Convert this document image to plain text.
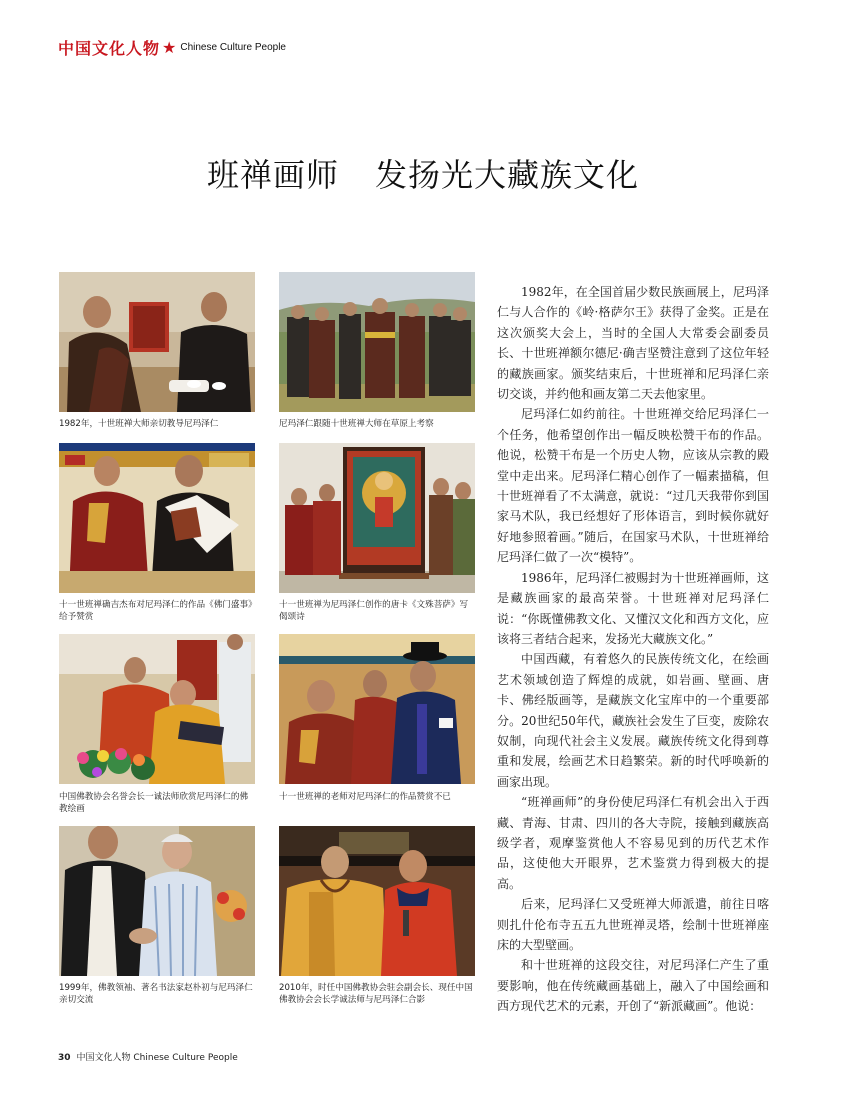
中国文化人物 ★ Chinese Culture People
班禅画师 发扬光大藏族文化
1982年，十世班禅大师亲切教导尼玛泽仁	尼玛泽仁跟随十世班禅大师在草原上考察
十一世班禅确吉杰布对尼玛泽仁的作品《佛门盛事》给予赞赏
十一世班禅为尼玛泽仁创作的唐卡《文殊菩萨》写偈颂诗
中国佛教协会名誉会长一诚法师欣赏尼玛泽仁的佛教绘画
十一世班禅的老师对尼玛泽仁的作品赞赏不已
1999年，佛教领袖、著名书法家赵朴初与尼玛泽仁亲切交流
2010年，时任中国佛教协会驻会副会长、现任中国佛教协会会长学诚法师与尼玛泽仁合影

1982年，在全国首届少数民族画展上，尼玛泽仁与人合作的《岭·格萨尔王》获得了金奖。正是在这次颁奖大会上，当时的全国人大常委会副委员长、十世班禅额尔德尼·确吉坚赞注意到了这位年轻的藏族画家。颁奖结束后，十世班禅和尼玛泽仁亲切交谈，并约他和画友第二天去他家里。

尼玛泽仁如约前往。十世班禅交给尼玛泽仁一个任务，他希望创作出一幅反映松赞干布的作品。他说，松赞干布是一个历史人物，应该从宗教的殿堂中走出来。尼玛泽仁精心创作了一幅素描稿，但十世班禅看了不太满意，就说：“过几天我带你到国家马术队，我已经想好了形体语言，到时候你就好好地参照着画。”随后，在国家马术队，十世班禅给尼玛泽仁做了一次“模特”。

1986年，尼玛泽仁被赐封为十世班禅画师，这是藏族画家的最高荣誉。十世班禅对尼玛泽仁说：“你既懂佛教文化、又懂汉文化和西方文化，应该将三者结合起来，发扬光大藏族文化。”

中国西藏，有着悠久的民族传统文化，在绘画艺术领域创造了辉煌的成就，如岩画、壁画、唐卡、佛经版画等，是藏族文化宝库中的一个重要部分。20世纪50年代，藏族社会发生了巨变，废除农奴制，向现代社会主义发展。藏族传统文化得到尊重和发展，绘画艺术日趋繁荣。新的时代呼唤新的画家出现。

“班禅画师”的身份使尼玛泽仁有机会出入于西藏、青海、甘肃、四川的各大寺院，接触到藏族高级学者，观摩鉴赏他人不容易见到的历代艺术作品，这使他大开眼界，艺术鉴赏力得到极大的提高。

后来，尼玛泽仁又受班禅大师派遣，前往日喀则扎什伦布寺五五九世班禅灵塔，绘制十世班禅座床的大型壁画。

和十世班禅的这段交往，对尼玛泽仁产生了重要影响，他在传统藏画基础上，融入了中国绘画和西方现代艺术的元素，开创了“新派藏画”。他说：

30 中国文化人物 Chinese Culture People
